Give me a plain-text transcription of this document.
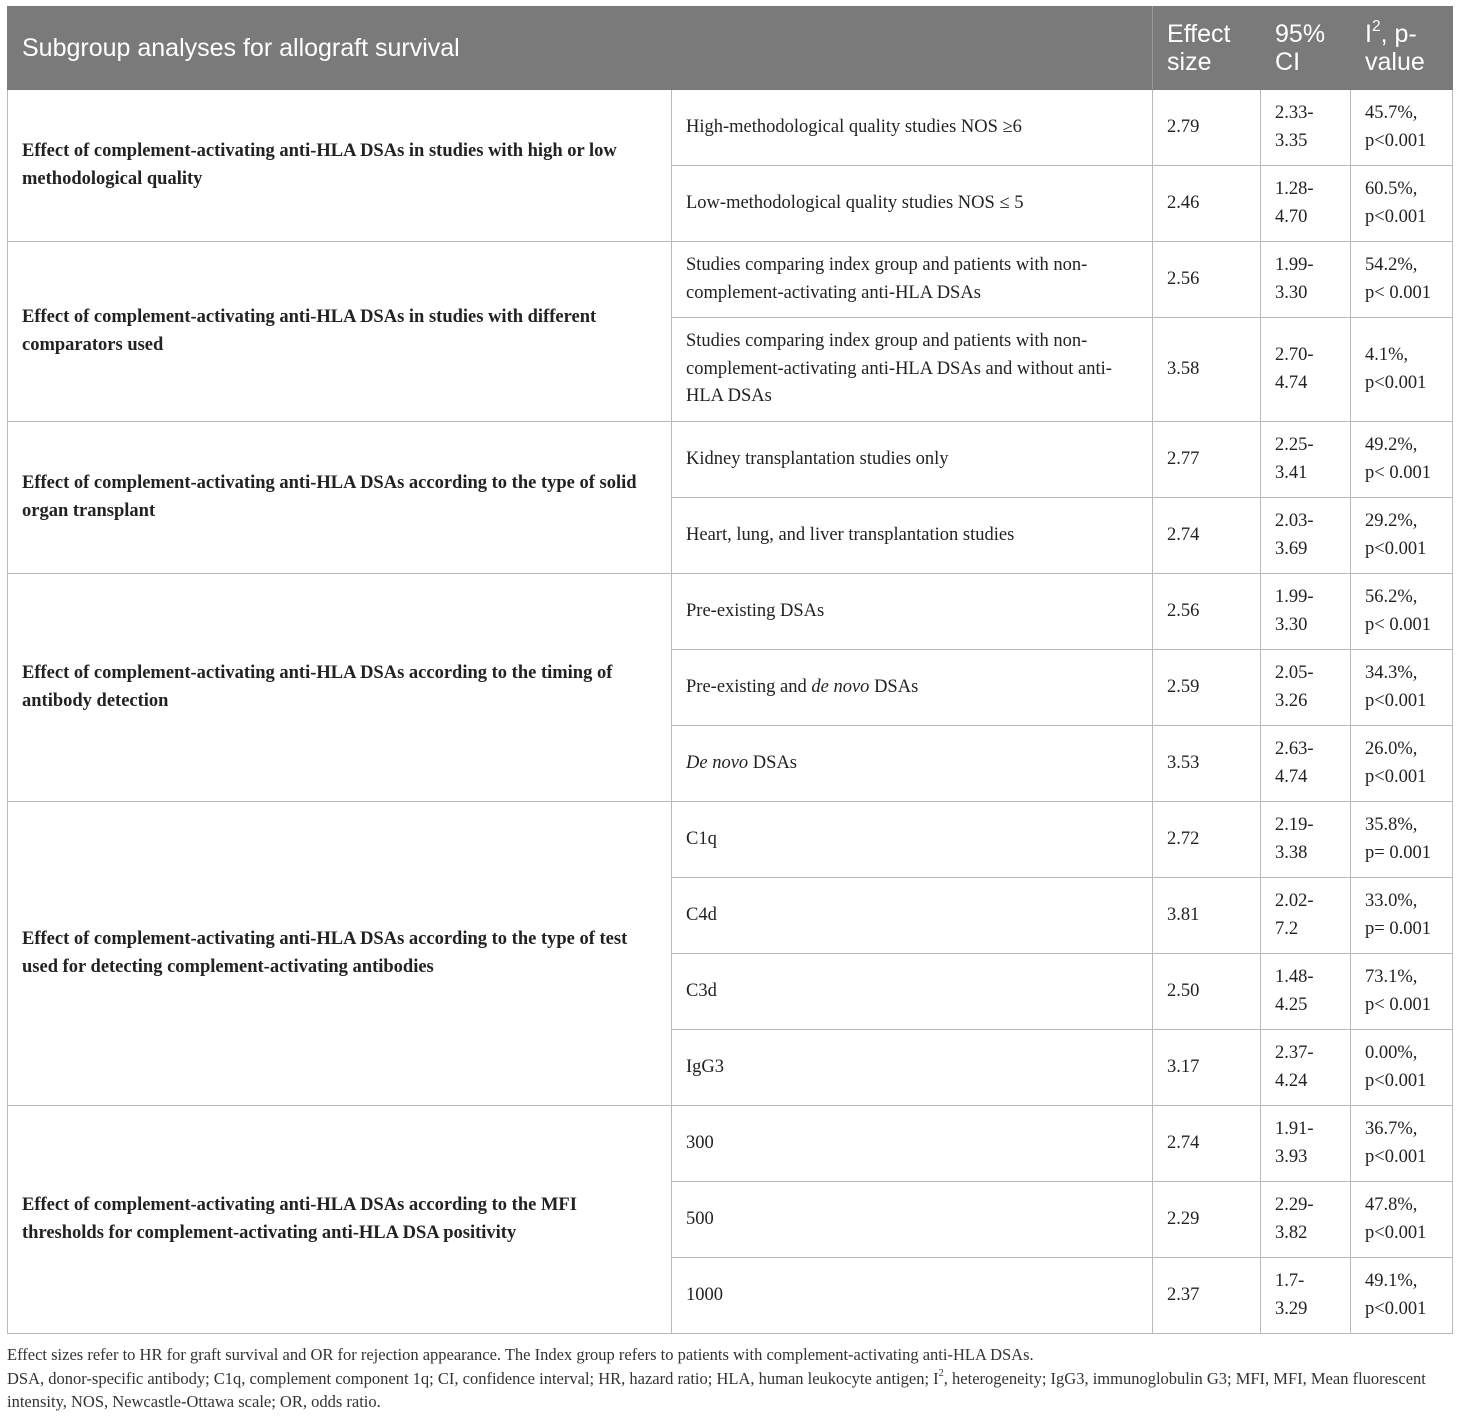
Subgroup analyses for allograft survival		Effect size	95% CI	$I^2$, p-value
Effect of complement-activating anti-HLA DSAs in studies with high or low methodological quality	High-methodological quality studies NOS ≥6	2.79	2.33-3.35	45.7%, p<0.001
	Low-methodological quality studies NOS ≤ 5	2.46	1.28-4.70	60.5%, p<0.001
Effect of complement-activating anti-HLA DSAs in studies with different comparators used	Studies comparing index group and patients with non-complement-activating anti-HLA DSAs	2.56	1.99-3.30	54.2%, p< 0.001
	Studies comparing index group and patients with non-complement-activating anti-HLA DSAs and without anti-HLA DSAs	3.58	2.70-4.74	4.1%, p<0.001
Effect of complement-activating anti-HLA DSAs according to the type of solid organ transplant	Kidney transplantation studies only	2.77	2.25-3.41	49.2%, p< 0.001
	Heart, lung, and liver transplantation studies	2.74	2.03-3.69	29.2%, p<0.001
Effect of complement-activating anti-HLA DSAs according to the timing of antibody detection	Pre-existing DSAs	2.56	1.99-3.30	56.2%, p< 0.001
	Pre-existing and de novo DSAs	2.59	2.05-3.26	34.3%, p<0.001
	De novo DSAs	3.53	2.63-4.74	26.0%, p<0.001
Effect of complement-activating anti-HLA DSAs according to the type of test used for detecting complement-activating antibodies	C1q	2.72	2.19-3.38	35.8%, p= 0.001
	C4d	3.81	2.02-7.2	33.0%, p= 0.001
	C3d	2.50	1.48-4.25	73.1%, p< 0.001
	IgG3	3.17	2.37-4.24	0.00%, p<0.001
Effect of complement-activating anti-HLA DSAs according to the MFI thresholds for complement-activating anti-HLA DSA positivity	300	2.74	1.91-3.93	36.7%, p<0.001
	500	2.29	2.29-3.82	47.8%, p<0.001
	1000	2.37	1.7-3.29	49.1%, p<0.001

Effect sizes refer to HR for graft survival and OR for rejection appearance. The Index group refers to patients with complement-activating anti-HLA DSAs.

DSA, donor-specific antibody; C1q, complement component 1q; CI, confidence interval; HR, hazard ratio; HLA, human leukocyte antigen; $I^2$, heterogeneity; IgG3, immunoglobulin G3; MFI, MFI, Mean fluorescent intensity, NOS, Newcastle-Ottawa scale; OR, odds ratio.
